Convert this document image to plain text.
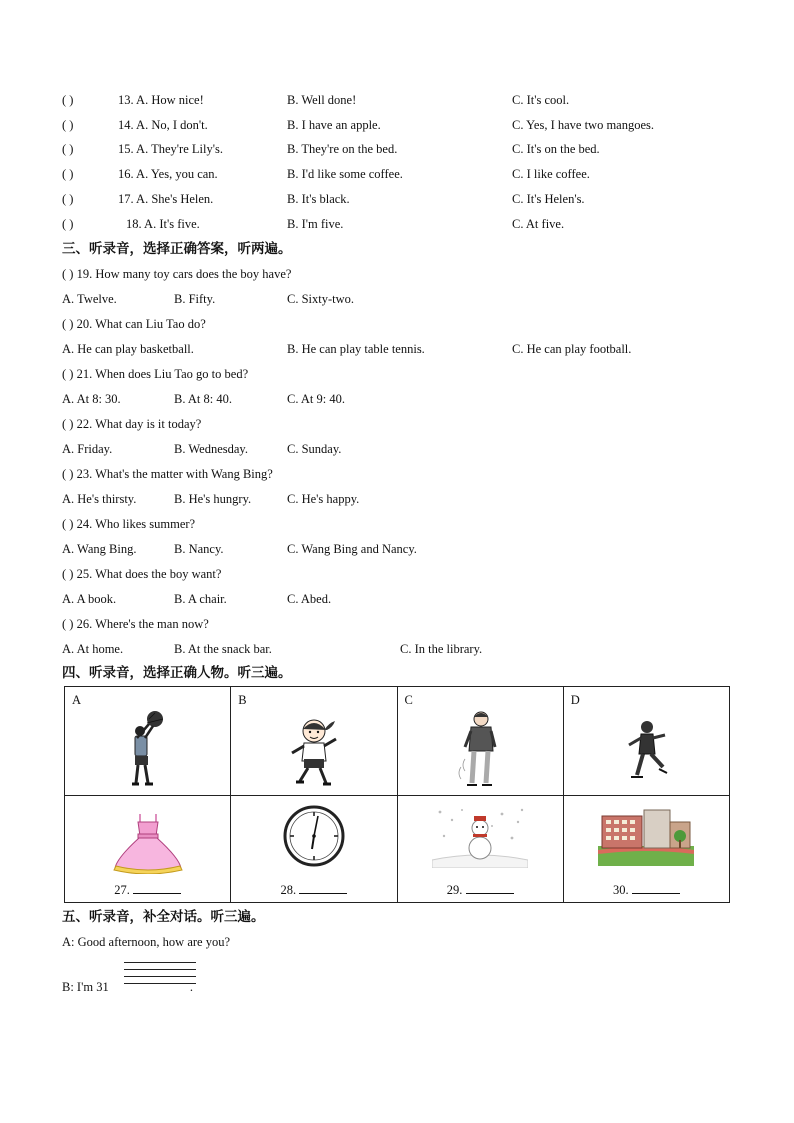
( )	13. A. How nice!	B. Well done!	C. It's cool.
( )	14. A. No, I don't.	B. I have an apple.	C. Yes, I have two mangoes.
( )	15. A. They're Lily's.	B. They're on the bed.	C. It's on the bed.
( )	16. A. Yes, you can.	B. I'd like some coffee.	C. I like coffee.
( )	17. A. She's Helen.	B. It's black.	C. It's Helen's.
( )	18. A. It's five.	B. I'm five.	C. At five.
三、听录音，选择正确答案，听两遍。
( ) 19. How many toy cars does the boy have?
A. Twelve.	B. Fifty.	C. Sixty-two.
( ) 20. What can Liu Tao do?
A. He can play basketball.	B. He can play table tennis.	C. He can play football.
( ) 21. When does Liu Tao go to bed?
A. At 8: 30.	B. At 8: 40.	C. At 9: 40.
( ) 22. What day is it today?
A. Friday.	B. Wednesday.	C. Sunday.
( ) 23. What's the matter with Wang Bing?
A. He's thirsty.	B. He's hungry.	C. He's happy.
( ) 24. Who likes summer?
A. Wang Bing.	B. Nancy.	C. Wang Bing and Nancy.
( ) 25. What does the boy want?
A. A book.	B. A chair.	C. Abed.
( ) 26. Where's the man now?
A. At home.	B. At the snack bar.	C. In the library.
四、听录音，选择正确人物。听三遍。
A	B	C	D

27.	28.	29.	30.
五、听录音，补全对话。听三遍。
A: Good afternoon, how are you?
B: I'm 31	.
